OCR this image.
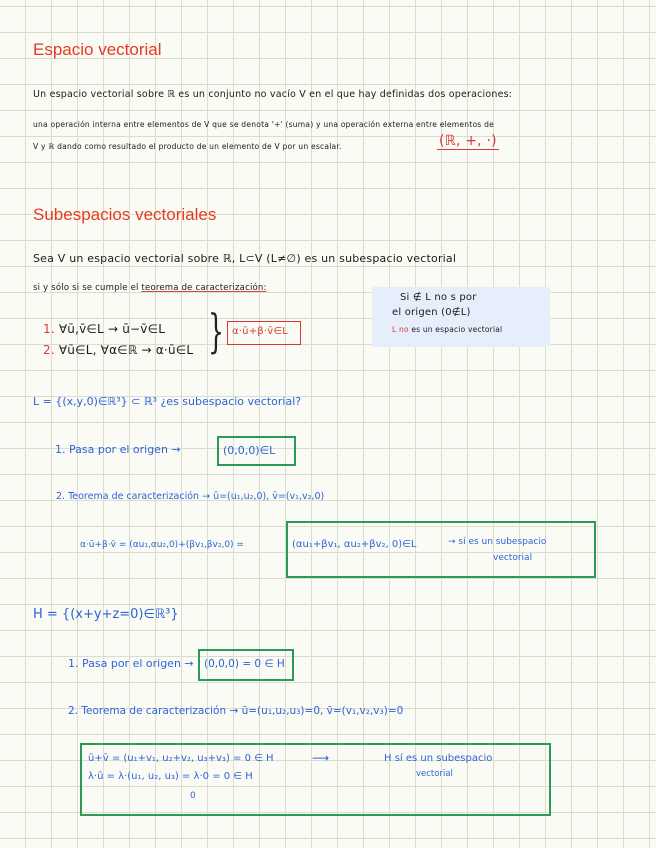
Espacio vectorial
Un espacio vectorial sobre ℝ es un conjunto no vacío V en el que hay definidas dos operaciones:
una operación interna entre elementos de V que se denota '+' (suma) y una operación externa entre elementos de
V y ℝ dando como resultado el producto de un elemento de V por un escalar.	(ℝ, +, ·)
Subespacios vectoriales
Sea V un espacio vectorial sobre ℝ, L⊂V (L≠∅) es un subespacio vectorial
si y sólo si se cumple el teorema de caracterización:
1. ∀ū,v̄∈L → ū−v̄∈L
2. ∀ū∈L, ∀α∈ℝ → α·ū∈L } α·ū+β·v̄∈L
Si ∉ L no s por
el origen (0∉L)
L no es un espacio vectorial
L = {(x,y,0)∈ℝ³} ⊂ ℝ³ ¿es subespacio vectorial?
1. Pasa por el origen →	(0,0,0)∈L
2. Teorema de caracterización → ū=(u₁,u₂,0), v̄=(v₁,v₂,0)
α·ū+β·v̄ = (αu₁,αu₂,0)+(βv₁,βv₂,0) =	(αu₁+βv₁, αu₂+βv₂, 0)∈L	→ sí es un subespacio
vectorial
H = {(x+y+z=0)∈ℝ³}
1. Pasa por el origen → (0,0,0) = 0 ∈ H
2. Teorema de caracterización → ū=(u₁,u₂,u₃)=0, v̄=(v₁,v₂,v₃)=0
ū+v̄ = (u₁+v₁, u₂+v₂, u₃+v₃) = 0 ∈ H
λ·ū = λ·(u₁, u₂, u₃) = λ·0 = 0 ∈ H
0
⟶	H sí es un subespacio
vectorial
